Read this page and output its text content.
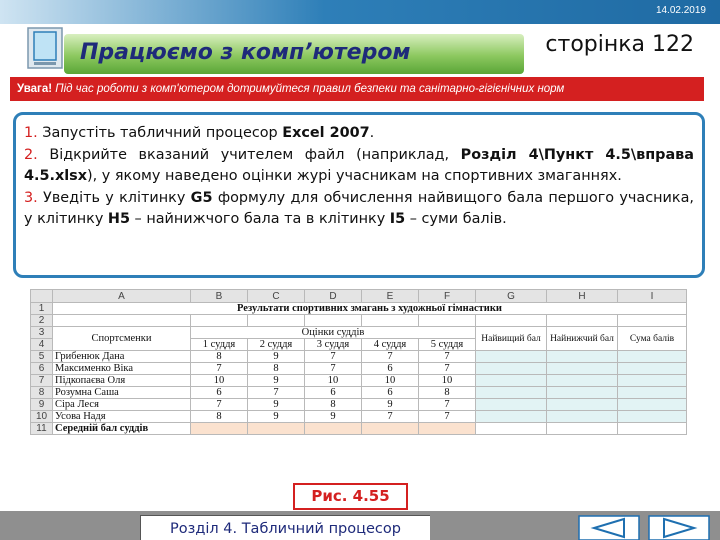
14.02.2019
Працюємо з комп’ютером	сторінка 122
Увага! Під час роботи з комп'ютером дотримуйтеся правил безпеки та санітарно-гігієнічних норм
1. Запустіть табличний процесор Excel 2007.
2. Відкрийте вказаний учителем файл (наприклад, Розділ 4\Пункт 4.5\вправа 4.5.xlsx), у якому наведено оцінки журі учасникам на спортивних змаганнях.
3. Уведіть у клітинку G5 формулу для обчислення найвищого бала першого учасника, у клітинку H5 – найнижчого бала та в клітинку I5 – суми балів.
	A	B	C	D	E	F	G	H	I
1	Результати спортивних змагань з художньої гімнастики								
2									
3	Спортсменки	Оцінки суддів					Найвищий бал	Найнижчий бал	Сума балів
4		1 суддя	2 суддя	3 суддя	4 суддя	5 суддя			
5	Грибенюк Дана	8	9	7	7	7			
6	Максименко Віка	7	8	7	6	7			
7	Підкопаєва Оля	10	9	10	10	10			
8	Розумна Саша	6	7	6	6	8			
9	Сіра Леся	7	9	8	9	7			
10	Усова Надя	8	9	9	7	7			
11	Середній бал суддів								
Рис. 4.55
Розділ 4. Табличний процесор
